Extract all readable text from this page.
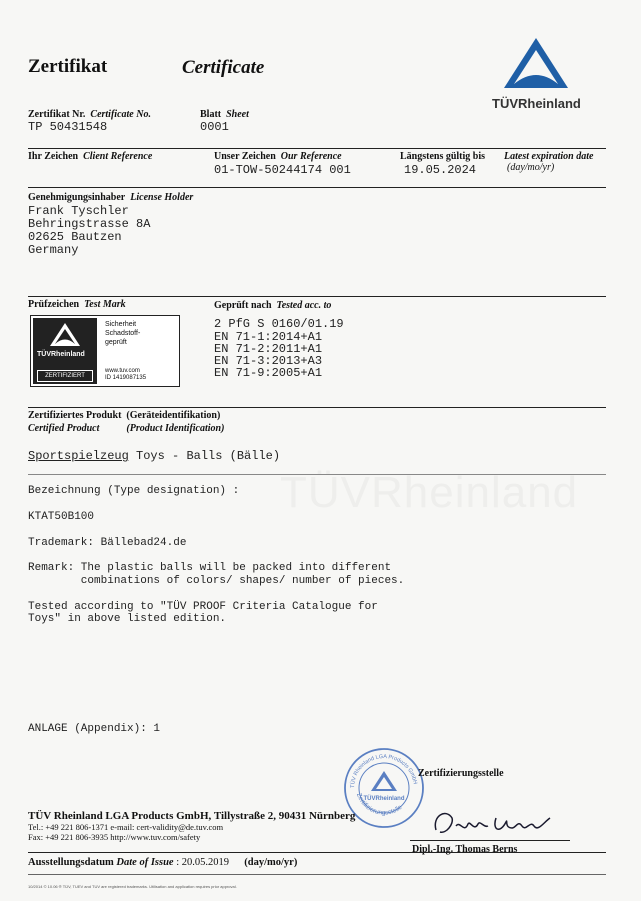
TÜVRheinland
Zertifikat	Certificate
TÜVRheinland
Zertifikat Nr. Certificate No.
TP 50431548
Blatt Sheet
0001
Ihr Zeichen Client Reference	Unser Zeichen Our Reference
01-TOW-50244174 001
Längstens gültig bis Latest expiration date
(day/mo/yr)
19.05.2024
Genehmigungsinhaber License Holder
Frank Tyschler
Behringstrasse 8A
02625 Bautzen
Germany
Prüfzeichen Test Mark	Geprüft nach Tested acc. to
TÜVRheinland
ZERTIFIZIERT
Sicherheit
Schadstoff-
geprüft
www.tuv.com
ID 1419087135
2 PfG S 0160/01.19
EN 71-1:2014+A1
EN 71-2:2011+A1
EN 71-3:2013+A3
EN 71-9:2005+A1
Zertifiziertes Produkt (Geräteidentifikation)
Certified Product	(Product Identification)
Sportspielzeug Toys - Balls (Bälle)
Bezeichnung (Type designation) :
KTAT50B100
Trademark: Bällebad24.de
Remark: The plastic balls will be packed into different
combinations of colors/ shapes/ number of pieces.
Tested according to "TÜV PROOF Criteria Catalogue for
Toys" in above listed edition.
ANLAGE (Appendix): 1
TÜV Rheinland LGA Products GmbH
Zertifizierungsstelle
TÜVRheinland
Zertifizierungsstelle
Dipl.-Ing. Thomas Berns
TÜV Rheinland LGA Products GmbH, Tillystraße 2, 90431 Nürnberg
Tel.: +49 221 806-1371 e-mail: cert-validity@de.tuv.com
Fax: +49 221 806-3935 http://www.tuv.com/safety
Ausstellungsdatum Date of Issue : 20.05.2019 (day/mo/yr)
10/2014 © 10.06 ® TÜV, TUEV and TUV are registered trademarks. Utilisation and application requires prior approval.
